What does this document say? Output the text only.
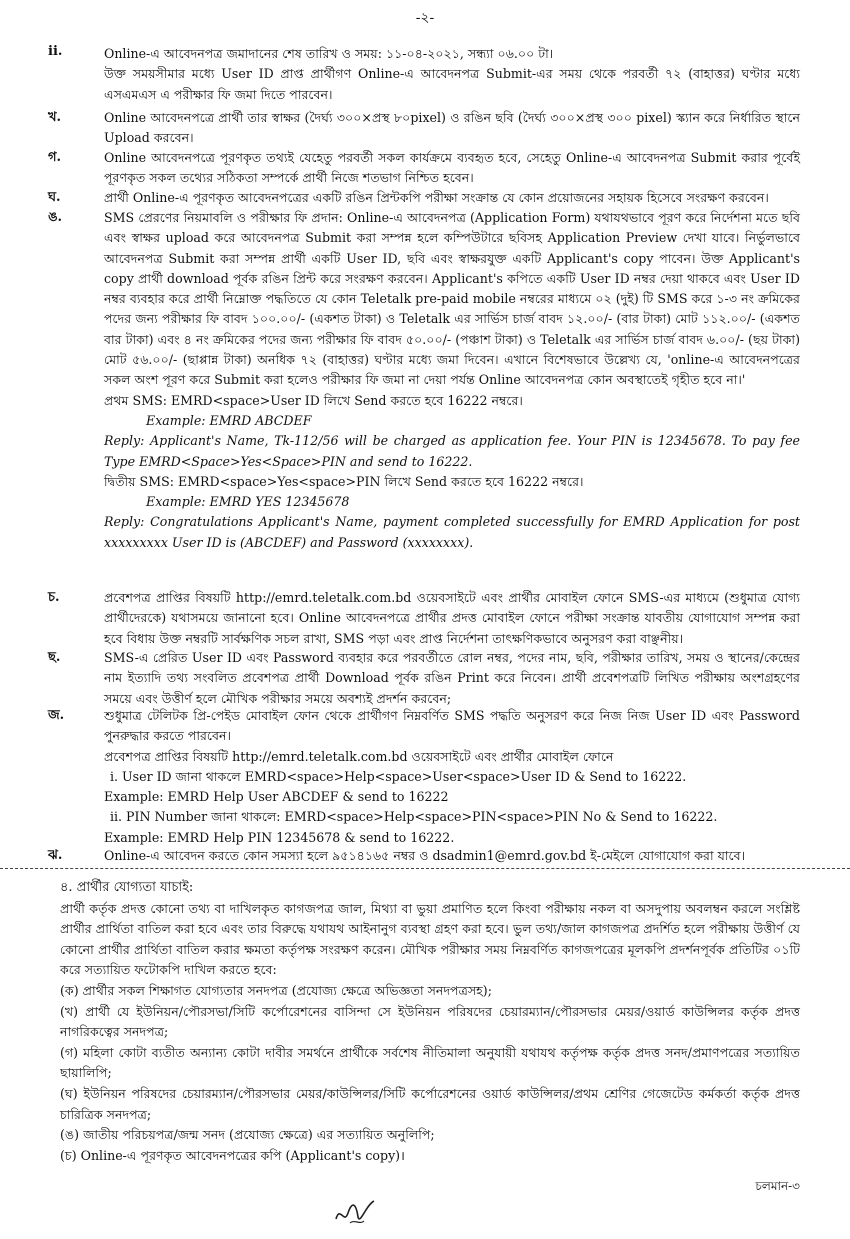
-২-
ii.	Online-এ আবেদনপত্র জমাদানের শেষ তারিখ ও সময়: ১১-০৪-২০২১, সন্ধ্যা ০৬.০০ টা।

উক্ত সময়সীমার মধ্যে User ID প্রাপ্ত প্রার্থীগণ Online-এ আবেদনপত্র Submit-এর সময় থেকে পরবর্তী ৭২ (বাহাত্তর) ঘণ্টার মধ্যে এসএমএস এ পরীক্ষার ফি জমা দিতে পারবেন।

খ.	Online আবেদনপত্রে প্রার্থী তার স্বাক্ষর (দৈর্ঘ্য ৩০০×প্রস্থ ৮০pixel) ও রঙিন ছবি (দৈর্ঘ্য ৩০০×প্রস্থ ৩০০ pixel) স্ক্যান করে নির্ধারিত স্থানে Upload করবেন।

গ.	Online আবেদনপত্রে পূরণকৃত তথ্যই যেহেতু পরবর্তী সকল কার্যক্রমে ব্যবহৃত হবে, সেহেতু Online-এ আবেদনপত্র Submit করার পূর্বেই পূরণকৃত সকল তথ্যের সঠিকতা সম্পর্কে প্রার্থী নিজে শতভাগ নিশ্চিত হবেন।

ঘ.	প্রার্থী Online-এ পূরণকৃত আবেদনপত্রের একটি রঙিন প্রিন্টকপি পরীক্ষা সংক্রান্ত যে কোন প্রয়োজনের সহায়ক হিসেবে সংরক্ষণ করবেন।

ঙ.	SMS প্রেরণের নিয়মাবলি ও পরীক্ষার ফি প্রদান: Online-এ আবেদনপত্র (Application Form) যথাযথভাবে পূরণ করে নির্দেশনা মতে ছবি এবং স্বাক্ষর upload করে আবেদনপত্র Submit করা সম্পন্ন হলে কম্পিউটারে ছবিসহ Application Preview দেখা যাবে। নির্ভুলভাবে আবেদনপত্র Submit করা সম্পন্ন প্রার্থী একটি User ID, ছবি এবং স্বাক্ষরযুক্ত একটি Applicant's copy পাবেন। উক্ত Applicant's copy প্রার্থী download পূর্বক রঙিন প্রিন্ট করে সংরক্ষণ করবেন। Applicant's কপিতে একটি User ID নম্বর দেয়া থাকবে এবং User ID নম্বর ব্যবহার করে প্রার্থী নিম্নোক্ত পদ্ধতিতে যে কোন Teletalk pre-paid mobile নম্বরের মাধ্যমে ০২ (দুই) টি SMS করে ১-৩ নং ক্রমিকের পদের জন্য পরীক্ষার ফি বাবদ ১০০.০০/- (একশত টাকা) ও Teletalk এর সার্ভিস চার্জ বাবদ ১২.০০/- (বার টাকা) মোট ১১২.০০/- (একশত বার টাকা) এবং ৪ নং ক্রমিকের পদের জন্য পরীক্ষার ফি বাবদ ৫০.০০/- (পঞ্চাশ টাকা) ও Teletalk এর সার্ভিস চার্জ বাবদ ৬.০০/- (ছয় টাকা) মোট ৫৬.০০/- (ছাপ্পান্ন টাকা) অনধিক ৭২ (বাহাত্তর) ঘণ্টার মধ্যে জমা দিবেন। এখানে বিশেষভাবে উল্লেখ্য যে, 'online-এ আবেদনপত্রের সকল অংশ পূরণ করে Submit করা হলেও পরীক্ষার ফি জমা না দেয়া পর্যন্ত Online আবেদনপত্র কোন অবস্থাতেই গৃহীত হবে না।'

প্রথম SMS: EMRD<space>User ID লিখে Send করতে হবে 16222 নম্বরে।

Example: EMRD ABCDEF

Reply: Applicant's Name, Tk-112/56 will be charged as application fee. Your PIN is 12345678. To pay fee Type EMRD<Space>Yes<Space>PIN and send to 16222.

দ্বিতীয় SMS: EMRD<space>Yes<space>PIN লিখে Send করতে হবে 16222 নম্বরে।

Example: EMRD YES 12345678

Reply: Congratulations Applicant's Name, payment completed successfully for EMRD Application for post xxxxxxxxx User ID is (ABCDEF) and Password (xxxxxxxx).

চ.	প্রবেশপত্র প্রাপ্তির বিষয়টি http://emrd.teletalk.com.bd ওয়েবসাইটে এবং প্রার্থীর মোবাইল ফোনে SMS-এর মাধ্যমে (শুধুমাত্র যোগ্য প্রার্থীদেরকে) যথাসময়ে জানানো হবে। Online আবেদনপত্রে প্রার্থীর প্রদত্ত মোবাইল ফোনে পরীক্ষা সংক্রান্ত যাবতীয় যোগাযোগ সম্পন্ন করা হবে বিধায় উক্ত নম্বরটি সার্বক্ষণিক সচল রাখা, SMS পড়া এবং প্রাপ্ত নির্দেশনা তাৎক্ষণিকভাবে অনুসরণ করা বাঞ্ছনীয়।

ছ.	SMS-এ প্রেরিত User ID এবং Password ব্যবহার করে পরবর্তীতে রোল নম্বর, পদের নাম, ছবি, পরীক্ষার তারিখ, সময় ও স্থানের/কেন্দ্রের নাম ইত্যাদি তথ্য সংবলিত প্রবেশপত্র প্রার্থী Download পূর্বক রঙিন Print করে নিবেন। প্রার্থী প্রবেশপত্রটি লিখিত পরীক্ষায় অংশগ্রহণের সময়ে এবং উত্তীর্ণ হলে মৌখিক পরীক্ষার সময়ে অবশ্যই প্রদর্শন করবেন;

জ.	শুধুমাত্র টেলিটক প্রি-পেইড মোবাইল ফোন থেকে প্রার্থীগণ নিম্নবর্ণিত SMS পদ্ধতি অনুসরণ করে নিজ নিজ User ID এবং Password পুনরুদ্ধার করতে পারবেন।

প্রবেশপত্র প্রাপ্তির বিষয়টি http://emrd.teletalk.com.bd ওয়েবসাইটে এবং প্রার্থীর মোবাইল ফোনে

i. User ID জানা থাকলে EMRD<space>Help<space>User<space>User ID & Send to 16222.

Example: EMRD Help User ABCDEF & send to 16222

ii. PIN Number জানা থাকলে: EMRD<space>Help<space>PIN<space>PIN No & Send to 16222.

Example: EMRD Help PIN 12345678 & send to 16222.

ঝ.	Online-এ আবেদন করতে কোন সমস্যা হলে ৯৫১৪১৬৫ নম্বর ও dsadmin1@emrd.gov.bd ই-মেইলে যোগাযোগ করা যাবে।

৪. প্রার্থীর যোগ্যতা যাচাই:

প্রার্থী কর্তৃক প্রদত্ত কোনো তথ্য বা দাখিলকৃত কাগজপত্র জাল, মিথ্যা বা ভুয়া প্রমাণিত হলে কিংবা পরীক্ষায় নকল বা অসদুপায় অবলম্বন করলে সংশ্লিষ্ট প্রার্থীর প্রার্থিতা বাতিল করা হবে এবং তার বিরুদ্ধে যথাযথ আইনানুগ ব্যবস্থা গ্রহণ করা হবে। ভুল তথ্য/জাল কাগজপত্র প্রদর্শিত হলে পরীক্ষায় উত্তীর্ণ যে কোনো প্রার্থীর প্রার্থিতা বাতিল করার ক্ষমতা কর্তৃপক্ষ সংরক্ষণ করেন। মৌখিক পরীক্ষার সময় নিম্নবর্ণিত কাগজপত্রের মূলকপি প্রদর্শনপূর্বক প্রতিটির ০১টি করে সত্যায়িত ফটোকপি দাখিল করতে হবে:

(ক) প্রার্থীর সকল শিক্ষাগত যোগ্যতার সনদপত্র (প্রযোজ্য ক্ষেত্রে অভিজ্ঞতা সনদপত্রসহ);

(খ) প্রার্থী যে ইউনিয়ন/পৌরসভা/সিটি কর্পোরেশনের বাসিন্দা সে ইউনিয়ন পরিষদের চেয়ারম্যান/পৌরসভার মেয়র/ওয়ার্ড কাউন্সিলর কর্তৃক প্রদত্ত নাগরিকত্বের সনদপত্র;

(গ) মহিলা কোটা ব্যতীত অন্যান্য কোটা দাবীর সমর্থনে প্রার্থীকে সর্বশেষ নীতিমালা অনুযায়ী যথাযথ কর্তৃপক্ষ কর্তৃক প্রদত্ত সনদ/প্রমাণপত্রের সত্যায়িত ছায়ালিপি;

(ঘ) ইউনিয়ন পরিষদের চেয়ারম্যান/পৌরসভার মেয়র/কাউন্সিলর/সিটি কর্পোরেশনের ওয়ার্ড কাউন্সিলর/প্রথম শ্রেণির গেজেটেড কর্মকর্তা কর্তৃক প্রদত্ত চারিত্রিক সনদপত্র;

(ঙ) জাতীয় পরিচয়পত্র/জন্ম সনদ (প্রযোজ্য ক্ষেত্রে) এর সত্যায়িত অনুলিপি;

(চ) Online-এ পূরণকৃত আবেদনপত্রের কপি (Applicant's copy)।

চলমান-৩
